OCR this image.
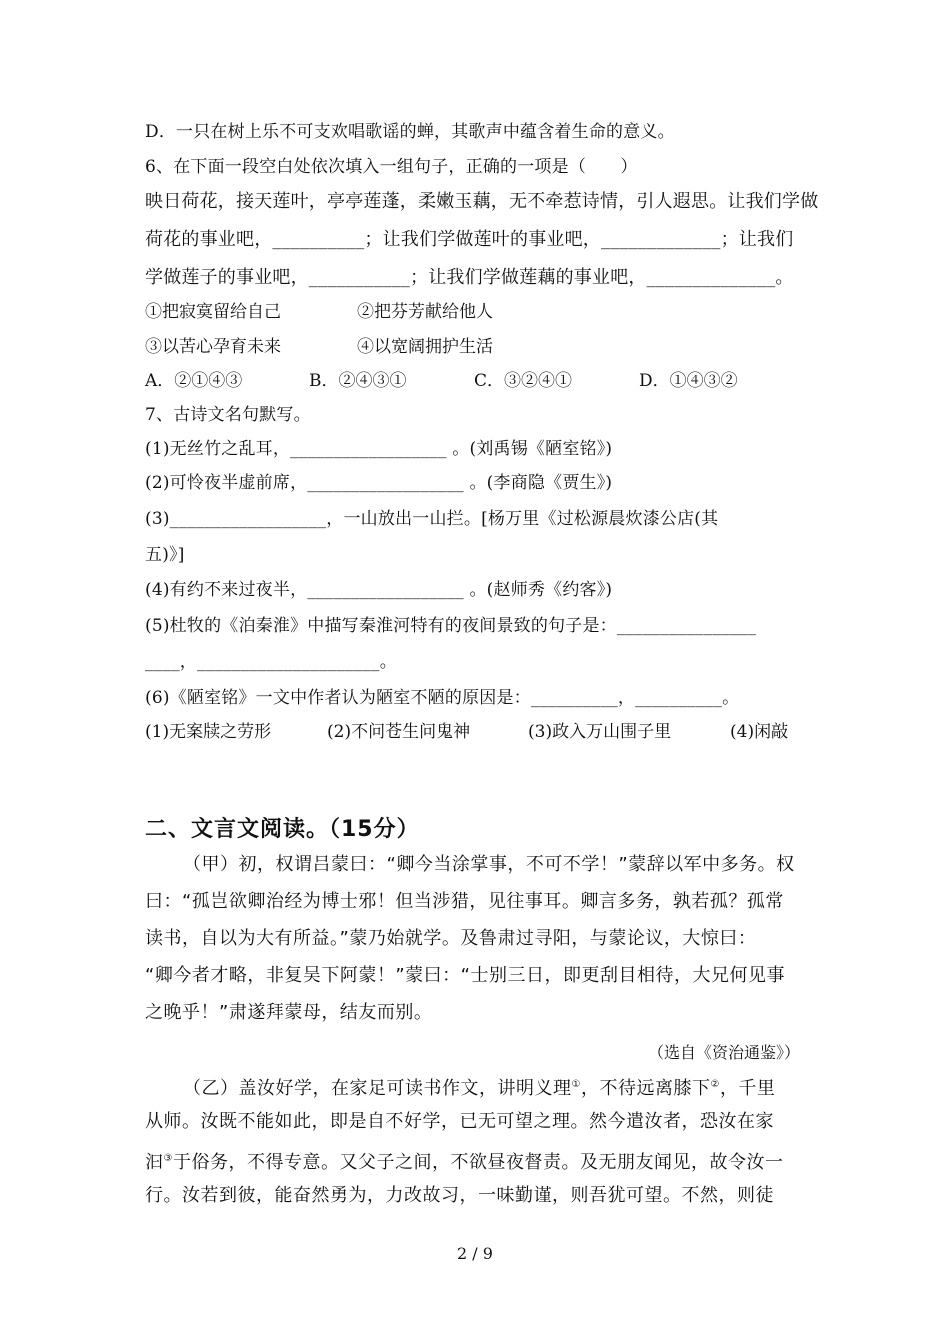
D．一只在树上乐不可支欢唱歌谣的蝉，其歌声中蕴含着生命的意义。
6、在下面一段空白处依次填入一组句子，正确的一项是（　　）
映日荷花，接天莲叶，亭亭莲蓬，柔嫩玉藕，无不牵惹诗情，引人遐思。让我们学做
荷花的事业吧，__________；让我们学做莲叶的事业吧，_____________；让我们
学做莲子的事业吧，___________；让我们学做莲藕的事业吧，______________。
①把寂寞留给自己	②把芬芳献给他人
③以苦心孕育未来	④以宽阔拥护生活
A．②①④③	B．②④③①	C．③②④①	D．①④③②
7、古诗文名句默写。
(1)无丝竹之乱耳，__________________ 。(刘禹锡《陋室铭》)
(2)可怜夜半虚前席，__________________ 。(李商隐《贾生》)
(3)__________________，一山放出一山拦。[杨万里《过松源晨炊漆公店(其
五)》]
(4)有约不来过夜半，__________________ 。(赵师秀《约客》)
(5)杜牧的《泊秦淮》中描写秦淮河特有的夜间景致的句子是：________________
____，_____________________。
(6)《陋室铭》一文中作者认为陋室不陋的原因是：__________，__________。
(1)无案牍之劳形	(2)不问苍生问鬼神	(3)政入万山围子里	(4)闲敲
二、文言文阅读。（15分）
（甲）初，权谓吕蒙曰：“卿今当涂掌事，不可不学！”蒙辞以军中多务。权
曰：“孤岂欲卿治经为博士邪！但当涉猎，见往事耳。卿言多务，孰若孤？孤常
读书，自以为大有所益。”蒙乃始就学。及鲁肃过寻阳，与蒙论议，大惊曰：
“卿今者才略，非复吴下阿蒙！”蒙曰：“士别三日，即更刮目相待，大兄何见事
之晚乎！”肃遂拜蒙母，结友而别。
（选自《资治通鉴》）
（乙）盖汝好学，在家足可读书作文，讲明义理①，不待远离膝下②，千里
从师。汝既不能如此，即是自不好学，已无可望之理。然今遣汝者，恐汝在家
汩③于俗务，不得专意。又父子之间，不欲昼夜督责。及无朋友闻见，故令汝一
行。汝若到彼，能奋然勇为，力改故习，一味勤谨，则吾犹可望。不然，则徒
2 / 9
